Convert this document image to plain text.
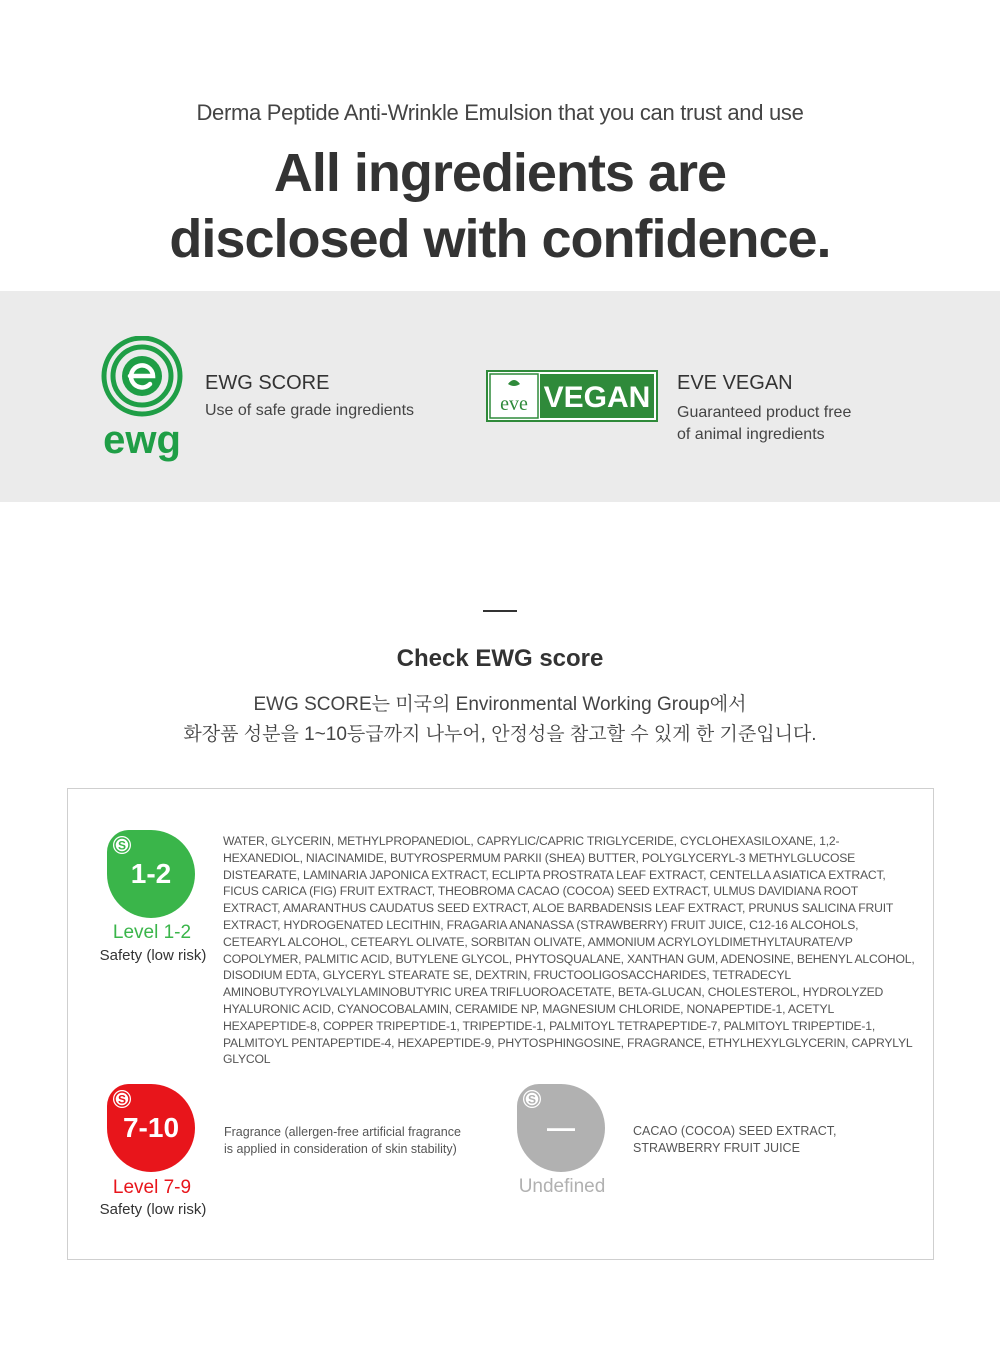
Derma Peptide Anti-Wrinkle Emulsion that you can trust and use
All ingredients are
disclosed with confidence.
ewg
EWG SCORE
Use of safe grade ingredients	eve VEGAN EVE VEGAN
Guaranteed product free
of animal ingredients
Check EWG score
EWG SCORE는 미국의 Environmental Working Group에서
화장품 성분을 1~10등급까지 나누어, 안정성을 참고할 수 있게 한 기준입니다.
S
1-2
Level 1-2
Safety (low risk)
WATER, GLYCERIN, METHYLPROPANEDIOL, CAPRYLIC/CAPRIC TRIGLYCERIDE, CYCLOHEXASILOXANE, 1,2-HEXANEDIOL, NIACINAMIDE, BUTYROSPERMUM PARKII (SHEA) BUTTER, POLYGLYCERYL-3 METHYLGLUCOSE DISTEARATE, LAMINARIA JAPONICA EXTRACT, ECLIPTA PROSTRATA LEAF EXTRACT, CENTELLA ASIATICA EXTRACT, FICUS CARICA (FIG) FRUIT EXTRACT, THEOBROMA CACAO (COCOA) SEED EXTRACT, ULMUS DAVIDIANA ROOT EXTRACT, AMARANTHUS CAUDATUS SEED EXTRACT, ALOE BARBADENSIS LEAF EXTRACT, PRUNUS SALICINA FRUIT EXTRACT, HYDROGENATED LECITHIN, FRAGARIA ANANASSA (STRAWBERRY) FRUIT JUICE, C12-16 ALCOHOLS, CETEARYL ALCOHOL, CETEARYL OLIVATE, SORBITAN OLIVATE, AMMONIUM ACRYLOYLDIMETHYLTAURATE/VP COPOLYMER, PALMITIC ACID, BUTYLENE GLYCOL, PHYTOSQUALANE, XANTHAN GUM, ADENOSINE, BEHENYL ALCOHOL, DISODIUM EDTA, GLYCERYL STEARATE SE, DEXTRIN, FRUCTOOLIGOSACCHARIDES, TETRADECYL AMINOBUTYROYLVALYLAMINOBUTYRIC UREA TRIFLUOROACETATE, BETA-GLUCAN, CHOLESTEROL, HYDROLYZED HYALURONIC ACID, CYANOCOBALAMIN, CERAMIDE NP, MAGNESIUM CHLORIDE, NONAPEPTIDE-1, ACETYL HEXAPEPTIDE-8, COPPER TRIPEPTIDE-1, TRIPEPTIDE-1, PALMITOYL TETRAPEPTIDE-7, PALMITOYL TRIPEPTIDE-1, PALMITOYL PENTAPEPTIDE-4, HEXAPEPTIDE-9, PHYTOSPHINGOSINE, FRAGRANCE, ETHYLHEXYLGLYCERIN, CAPRYLYL GLYCOL
S
7-10
Level 7-9
Safety (low risk)
Fragrance (allergen-free artificial fragrance
is applied in consideration of skin stability)
S
—
Undefined
CACAO (COCOA) SEED EXTRACT,
STRAWBERRY FRUIT JUICE
